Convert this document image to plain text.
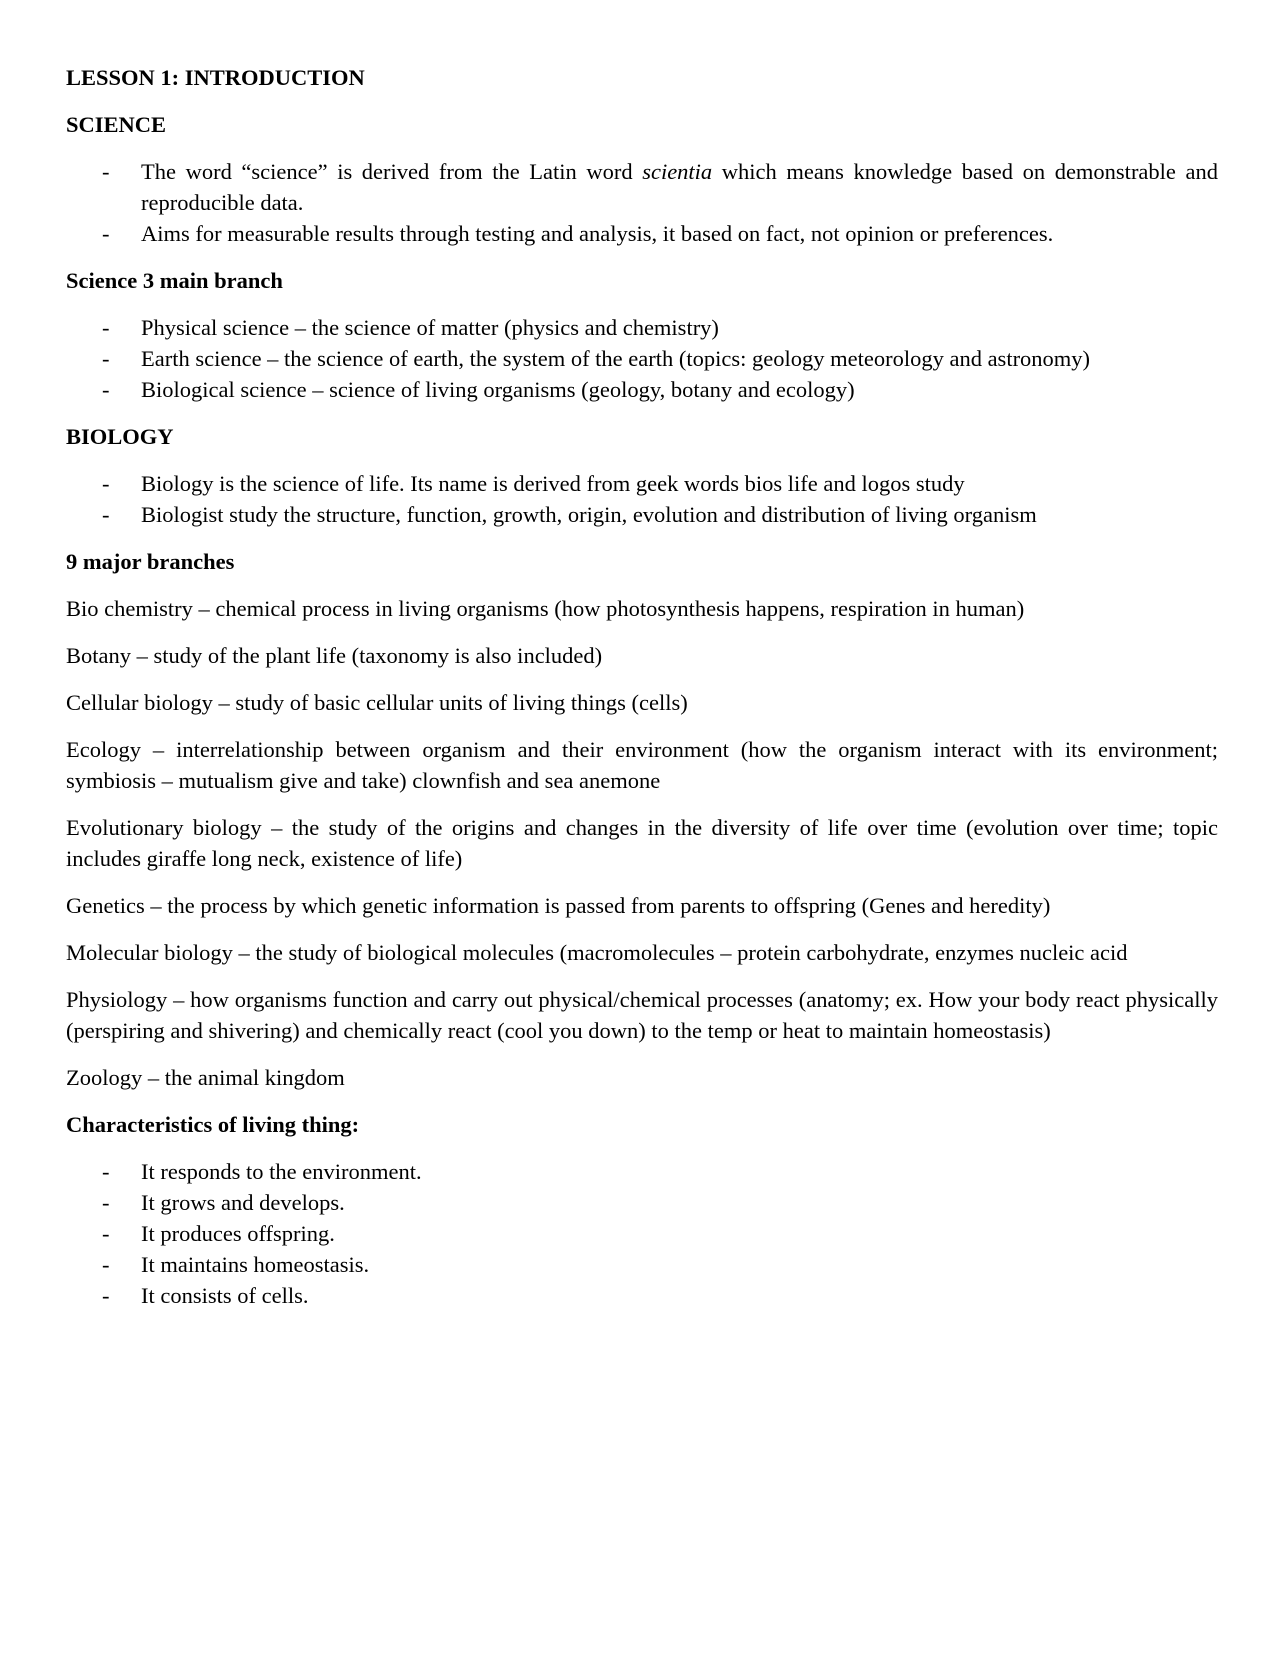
LESSON 1: INTRODUCTION
SCIENCE
- The word “science” is derived from the Latin word scientia which means knowledge based on demonstrable and reproducible data.
- Aims for measurable results through testing and analysis, it based on fact, not opinion or preferences.
Science 3 main branch
- Physical science – the science of matter (physics and chemistry)
- Earth science – the science of earth, the system of the earth (topics: geology meteorology and astronomy)
- Biological science – science of living organisms (geology, botany and ecology)
BIOLOGY
- Biology is the science of life. Its name is derived from geek words bios life and logos study
- Biologist study the structure, function, growth, origin, evolution and distribution of living organism
9 major branches

Bio chemistry – chemical process in living organisms (how photosynthesis happens, respiration in human)

Botany – study of the plant life (taxonomy is also included)

Cellular biology – study of basic cellular units of living things (cells)

Ecology – interrelationship between organism and their environment (how the organism interact with its environment; symbiosis – mutualism give and take) clownfish and sea anemone

Evolutionary biology – the study of the origins and changes in the diversity of life over time (evolution over time; topic includes giraffe long neck, existence of life)

Genetics – the process by which genetic information is passed from parents to offspring (Genes and heredity)

Molecular biology – the study of biological molecules (macromolecules – protein carbohydrate, enzymes nucleic acid

Physiology – how organisms function and carry out physical/chemical processes (anatomy; ex. How your body react physically (perspiring and shivering) and chemically react (cool you down) to the temp or heat to maintain homeostasis)

Zoology – the animal kingdom

Characteristics of living thing:
- It responds to the environment.
- It grows and develops.
- It produces offspring.
- It maintains homeostasis.
- It consists of cells.
